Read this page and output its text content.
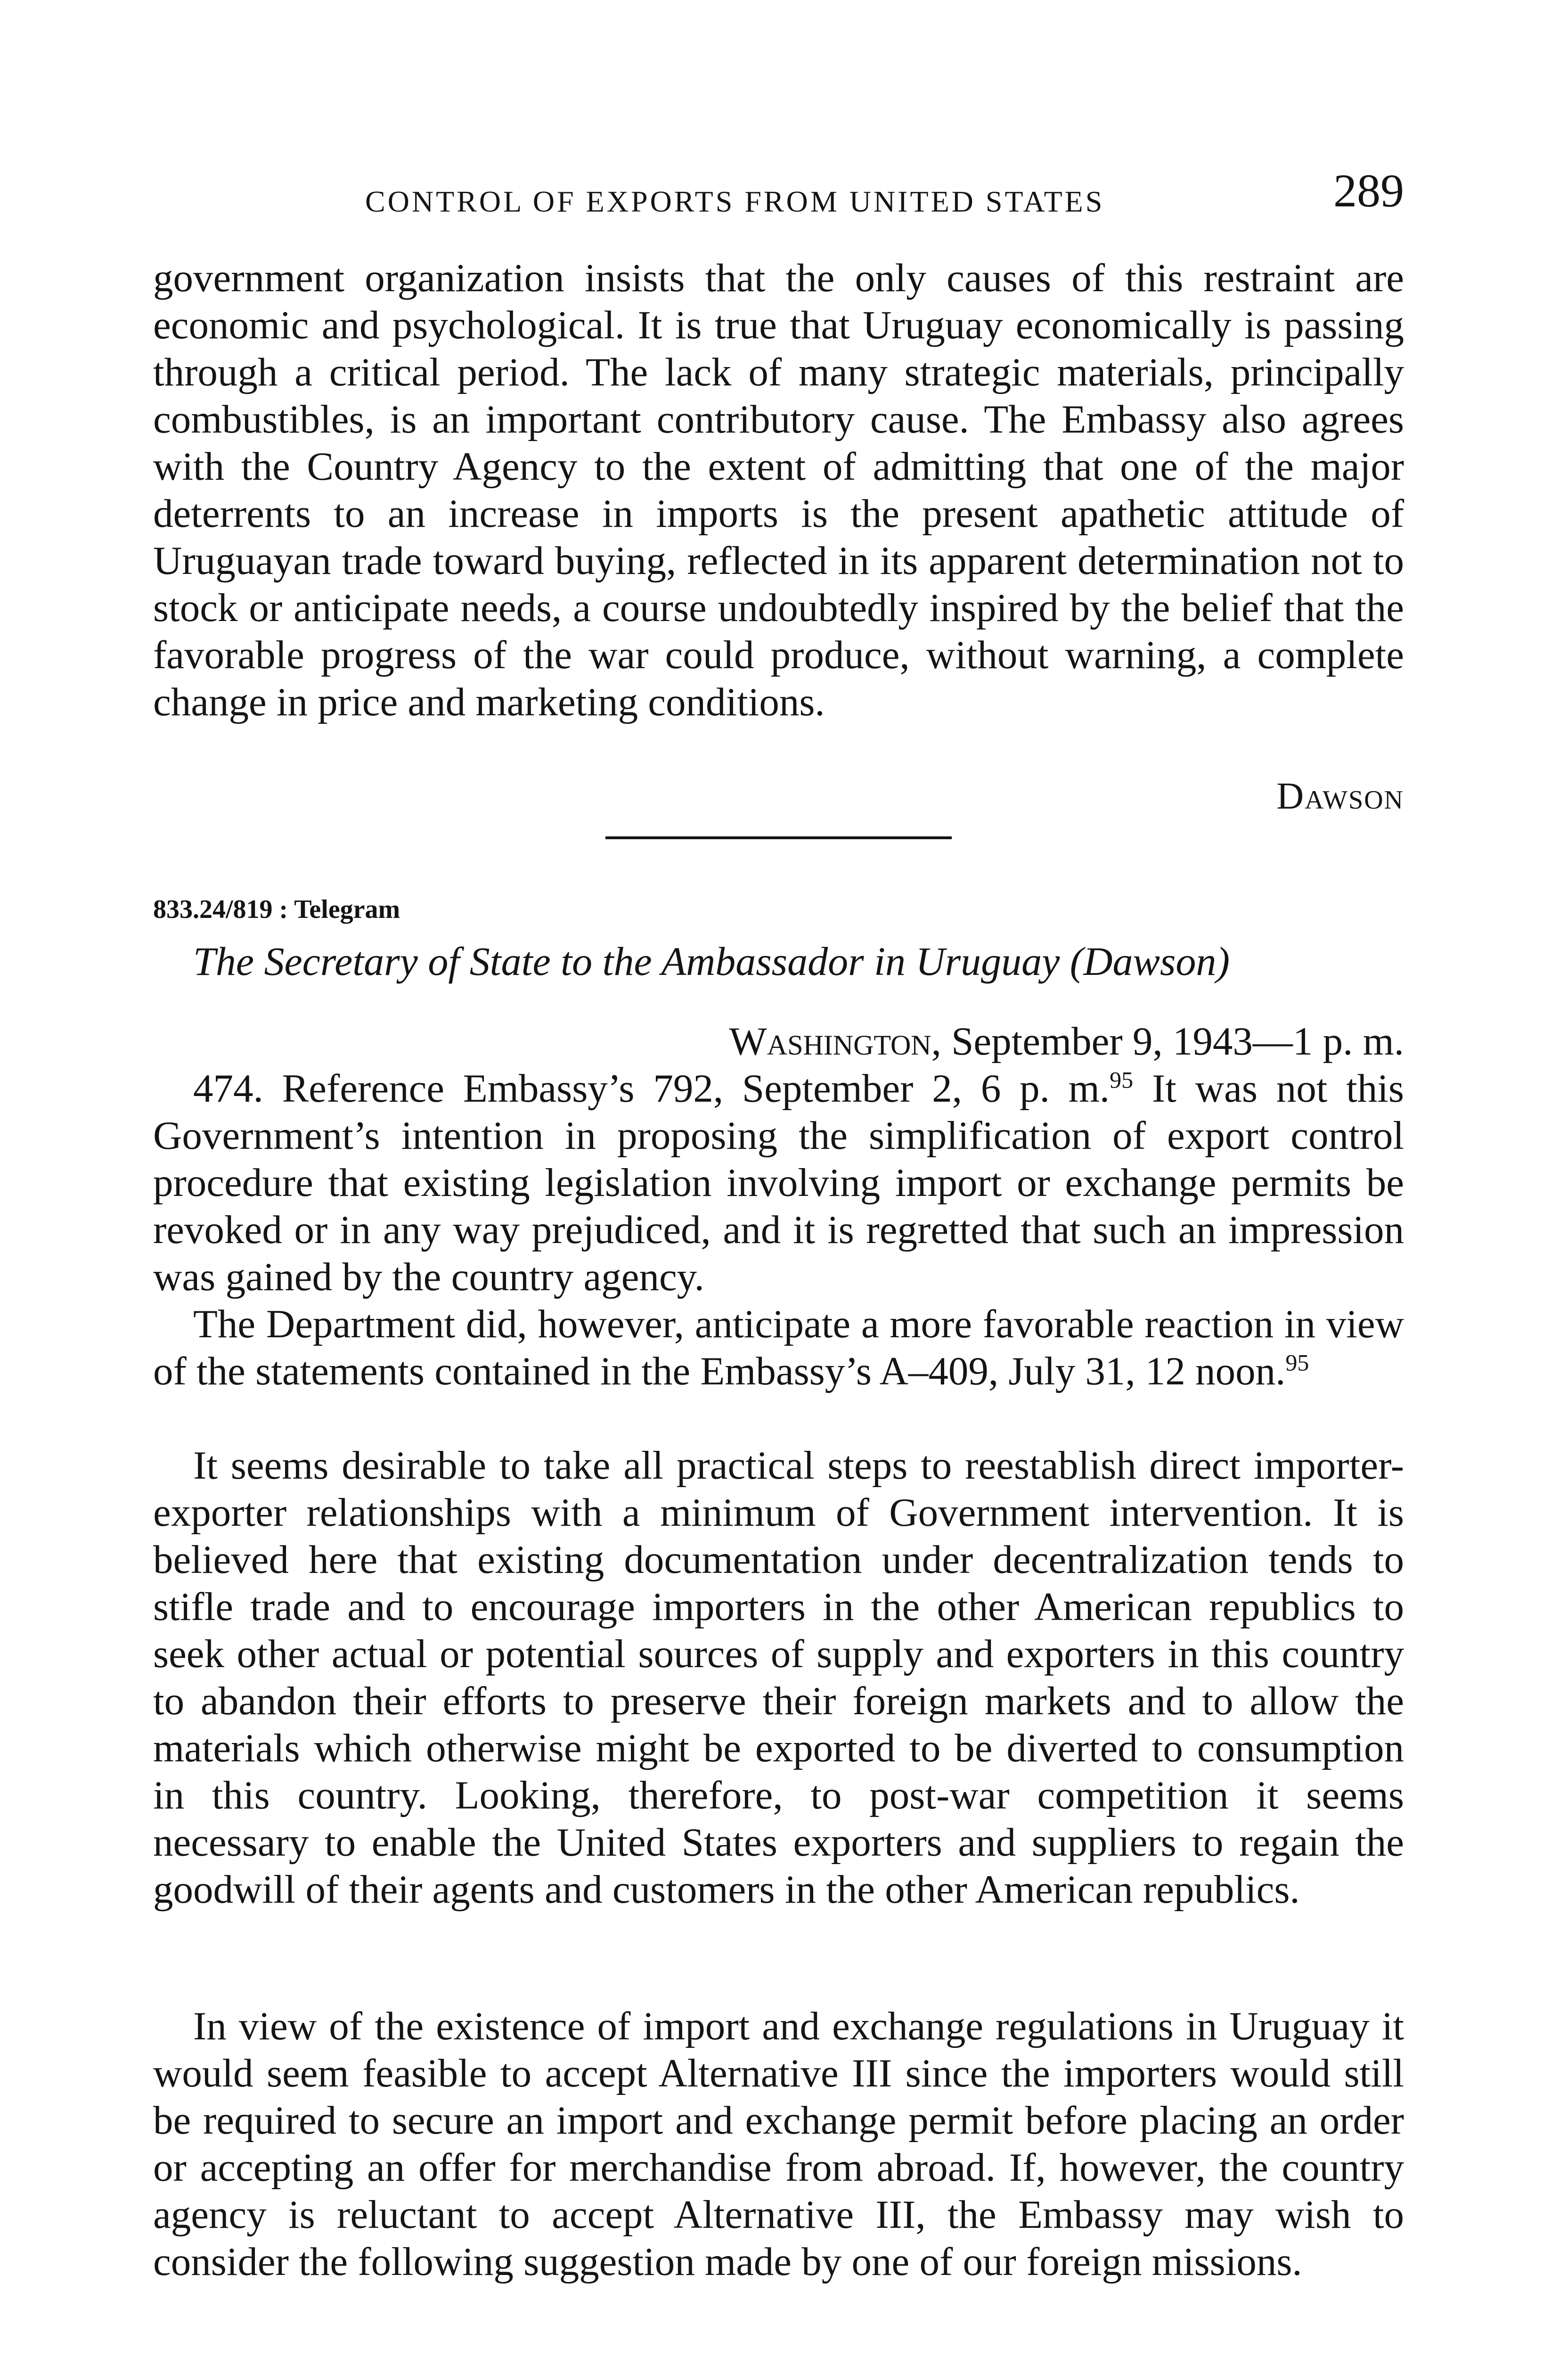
CONTROL OF EXPORTS FROM UNITED STATES	289

government organization insists that the only causes of this restraint are economic and psychological. It is true that Uruguay economically is passing through a critical period. The lack of many strategic materials, principally combustibles, is an important contributory cause. The Embassy also agrees with the Country Agency to the extent of admitting that one of the major deterrents to an increase in imports is the present apathetic attitude of Uruguayan trade toward buying, reflected in its apparent determination not to stock or anticipate needs, a course undoubtedly inspired by the belief that the favorable progress of the war could produce, without warning, a complete change in price and marketing conditions.

Dawson
833.24/819 : Telegram
The Secretary of State to the Ambassador in Uruguay (Dawson)
Washington, September 9, 1943—1 p. m.

474. Reference Embassy’s 792, September 2, 6 p. m.$^{95}$ It was not this Government’s intention in proposing the simplification of export control procedure that existing legislation involving import or exchange permits be revoked or in any way prejudiced, and it is regretted that such an impression was gained by the country agency.

The Department did, however, anticipate a more favorable reaction in view of the statements contained in the Embassy’s A–409, July 31, 12 noon.$^{95}$

It seems desirable to take all practical steps to reestablish direct importer-exporter relationships with a minimum of Government intervention. It is believed here that existing documentation under decentralization tends to stifle trade and to encourage importers in the other American republics to seek other actual or potential sources of supply and exporters in this country to abandon their efforts to preserve their foreign markets and to allow the materials which otherwise might be exported to be diverted to consumption in this country. Looking, therefore, to post-war competition it seems necessary to enable the United States exporters and suppliers to regain the goodwill of their agents and customers in the other American republics.

In view of the existence of import and exchange regulations in Uruguay it would seem feasible to accept Alternative III since the importers would still be required to secure an import and exchange permit before placing an order or accepting an offer for merchandise from abroad. If, however, the country agency is reluctant to accept Alternative III, the Embassy may wish to consider the following suggestion made by one of our foreign missions.
